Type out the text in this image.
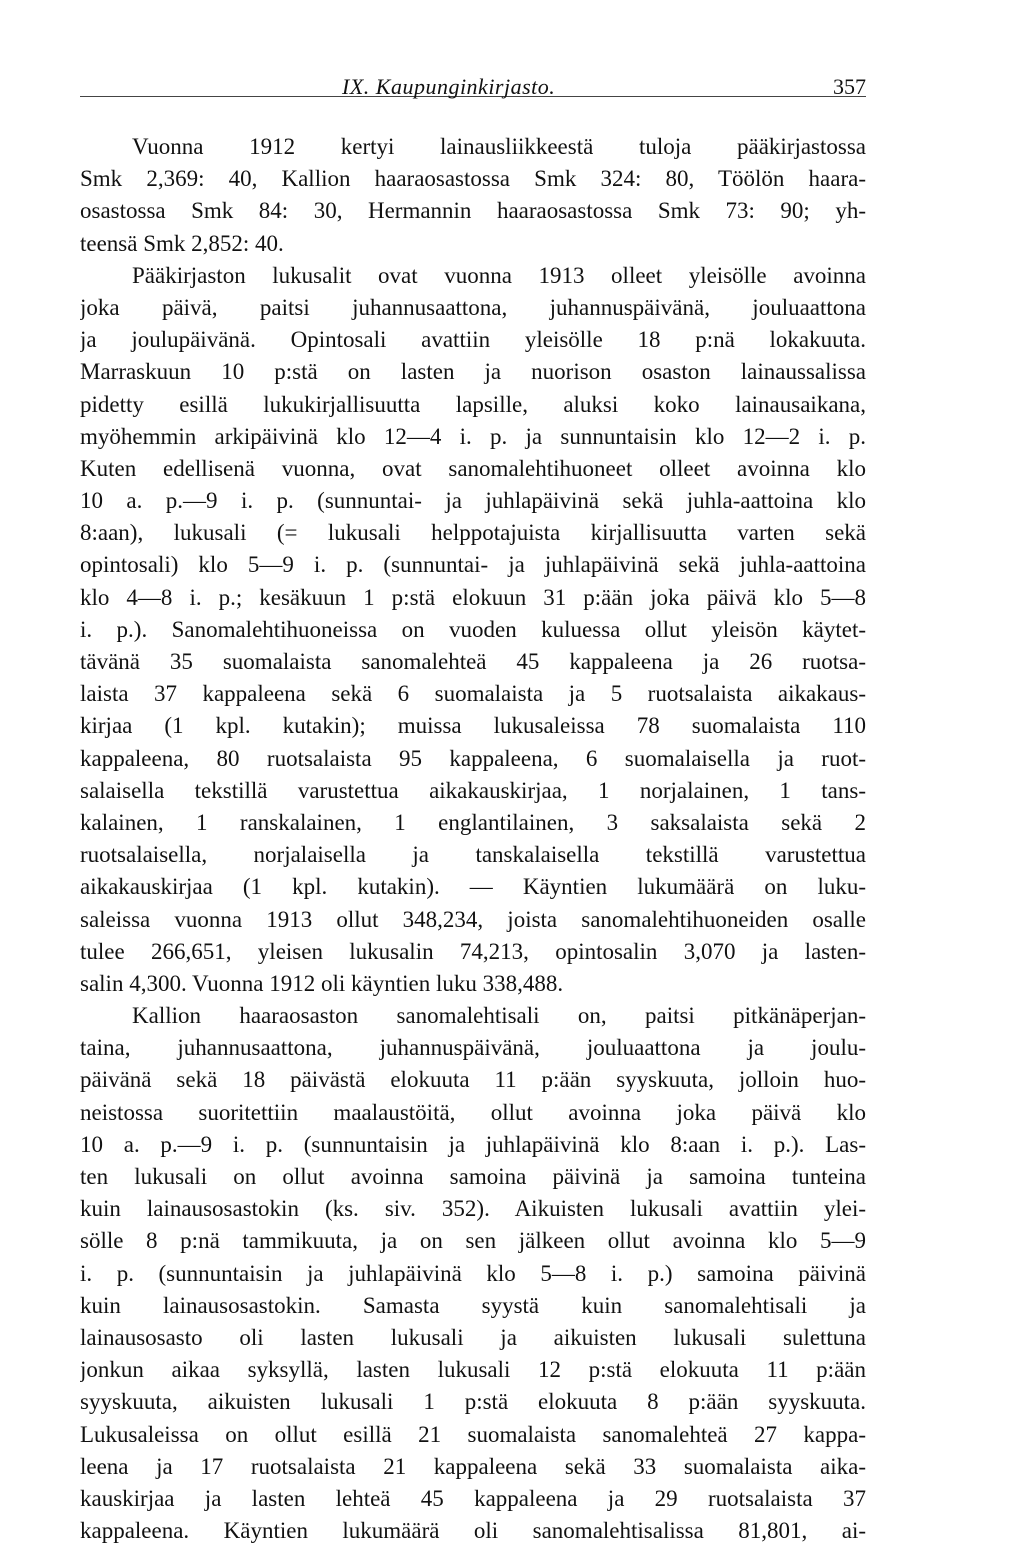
IX. Kaupunginkirjasto.	357
Vuonna 1912 kertyi lainausliikkeestä tuloja pääkirjastossa
Smk 2,369: 40, Kallion haaraosastossa Smk 324: 80, Töölön haara-
osastossa Smk 84: 30, Hermannin haaraosastossa Smk 73: 90; yh-
teensä Smk 2,852: 40.
Pääkirjaston lukusalit ovat vuonna 1913 olleet yleisölle avoinna
joka päivä, paitsi juhannusaattona, juhannuspäivänä, jouluaattona
ja joulupäivänä. Opintosali avattiin yleisölle 18 p:nä lokakuuta.
Marraskuun 10 p:stä on lasten ja nuorison osaston lainaussalissa
pidetty esillä lukukirjallisuutta lapsille, aluksi koko lainausaikana,
myöhemmin arkipäivinä klo 12—4 i. p. ja sunnuntaisin klo 12—2 i. p.
Kuten edellisenä vuonna, ovat sanomalehtihuoneet olleet avoinna klo
10 a. p.—9 i. p. (sunnuntai- ja juhlapäivinä sekä juhla-aattoina klo
8:aan), lukusali (= lukusali helppotajuista kirjallisuutta varten sekä
opintosali) klo 5—9 i. p. (sunnuntai- ja juhlapäivinä sekä juhla-aattoina
klo 4—8 i. p.; kesäkuun 1 p:stä elokuun 31 p:ään joka päivä klo 5—8
i. p.). Sanomalehtihuoneissa on vuoden kuluessa ollut yleisön käytet-
tävänä 35 suomalaista sanomalehteä 45 kappaleena ja 26 ruotsa-
laista 37 kappaleena sekä 6 suomalaista ja 5 ruotsalaista aikakaus-
kirjaa (1 kpl. kutakin); muissa lukusaleissa 78 suomalaista 110
kappaleena, 80 ruotsalaista 95 kappaleena, 6 suomalaisella ja ruot-
salaisella tekstillä varustettua aikakauskirjaa, 1 norjalainen, 1 tans-
kalainen, 1 ranskalainen, 1 englantilainen, 3 saksalaista sekä 2
ruotsalaisella, norjalaisella ja tanskalaisella tekstillä varustettua
aikakauskirjaa (1 kpl. kutakin). — Käyntien lukumäärä on luku-
saleissa vuonna 1913 ollut 348,234, joista sanomalehtihuoneiden osalle
tulee 266,651, yleisen lukusalin 74,213, opintosalin 3,070 ja lasten-
salin 4,300. Vuonna 1912 oli käyntien luku 338,488.
Kallion haaraosaston sanomalehtisali on, paitsi pitkänäperjan-
taina, juhannusaattona, juhannuspäivänä, jouluaattona ja joulu-
päivänä sekä 18 päivästä elokuuta 11 p:ään syyskuuta, jolloin huo-
neistossa suoritettiin maalaustöitä, ollut avoinna joka päivä klo
10 a. p.—9 i. p. (sunnuntaisin ja juhlapäivinä klo 8:aan i. p.). Las-
ten lukusali on ollut avoinna samoina päivinä ja samoina tunteina
kuin lainausosastokin (ks. siv. 352). Aikuisten lukusali avattiin ylei-
sölle 8 p:nä tammikuuta, ja on sen jälkeen ollut avoinna klo 5—9
i. p. (sunnuntaisin ja juhlapäivinä klo 5—8 i. p.) samoina päivinä
kuin lainausosastokin. Samasta syystä kuin sanomalehtisali ja
lainausosasto oli lasten lukusali ja aikuisten lukusali sulettuna
jonkun aikaa syksyllä, lasten lukusali 12 p:stä elokuuta 11 p:ään
syyskuuta, aikuisten lukusali 1 p:stä elokuuta 8 p:ään syyskuuta.
Lukusaleissa on ollut esillä 21 suomalaista sanomalehteä 27 kappa-
leena ja 17 ruotsalaista 21 kappaleena sekä 33 suomalaista aika-
kauskirjaa ja lasten lehteä 45 kappaleena ja 29 ruotsalaista 37
kappaleena. Käyntien lukumäärä oli sanomalehtisalissa 81,801, ai-
